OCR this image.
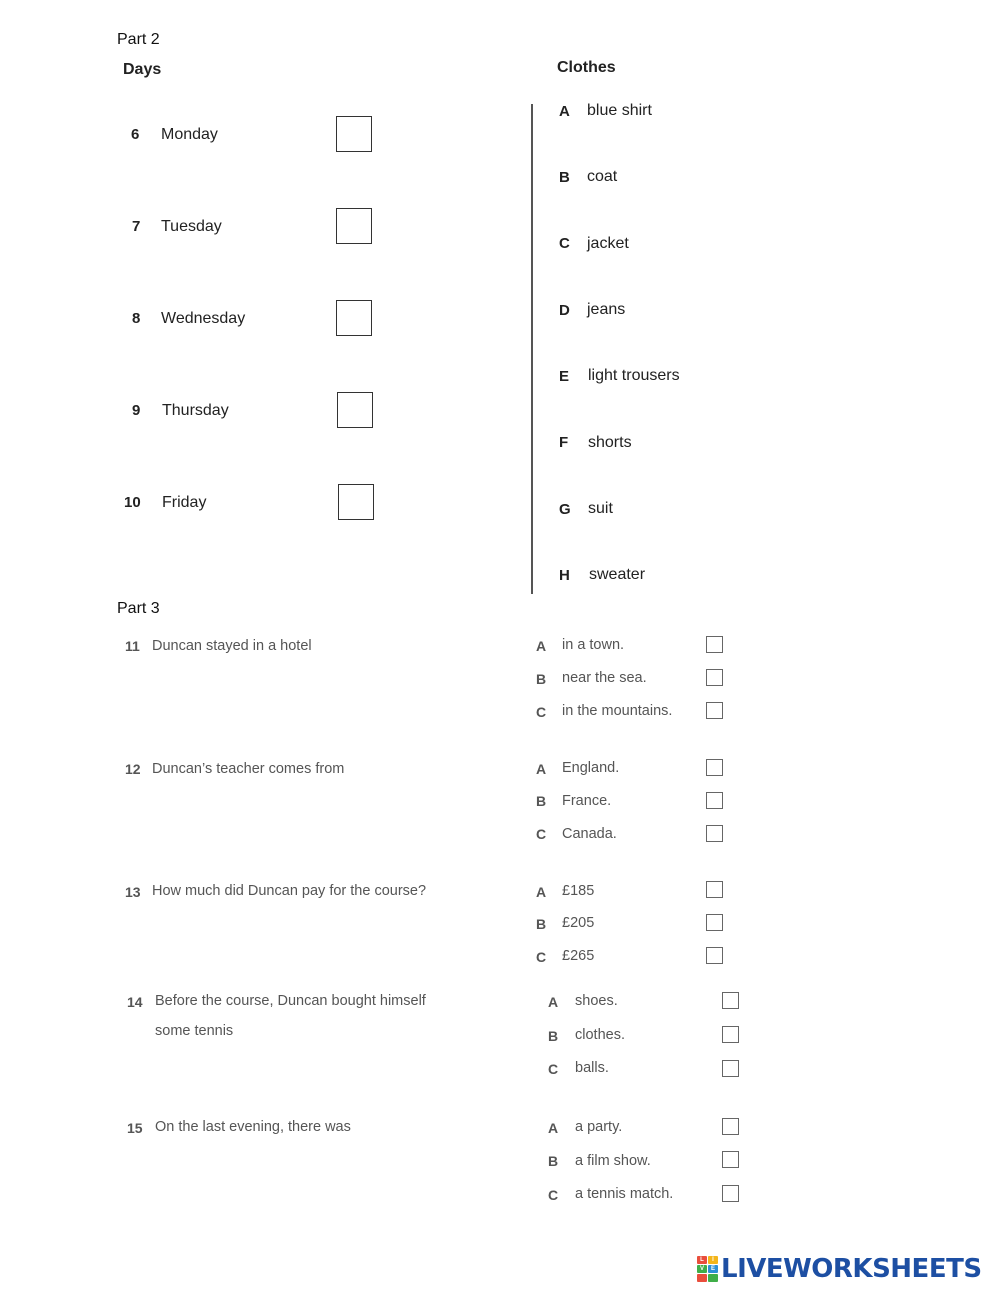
Part 2
Days	Clothes
6 Monday
7 Tuesday
8 Wednesday
9 Thursday
10 Friday
A blue shirt
B coat
C jacket
D jeans
E light trousers
F shorts
G suit
H sweater
Part 3
11 Duncan stayed in a hotel	A in a town.
B near the sea.
C in the mountains.
12 Duncan’s teacher comes from	A England.
B France.
C Canada.
13 How much did Duncan pay for the course?	A £185
B £205
C £265
14 Before the course, Duncan bought himself
some tennis
A shoes.
B clothes.
C balls.
15 On the last evening, there was	A a party.
B a film show.
C a tennis match.
L	I
V	E LIVEWORKSHEETS
